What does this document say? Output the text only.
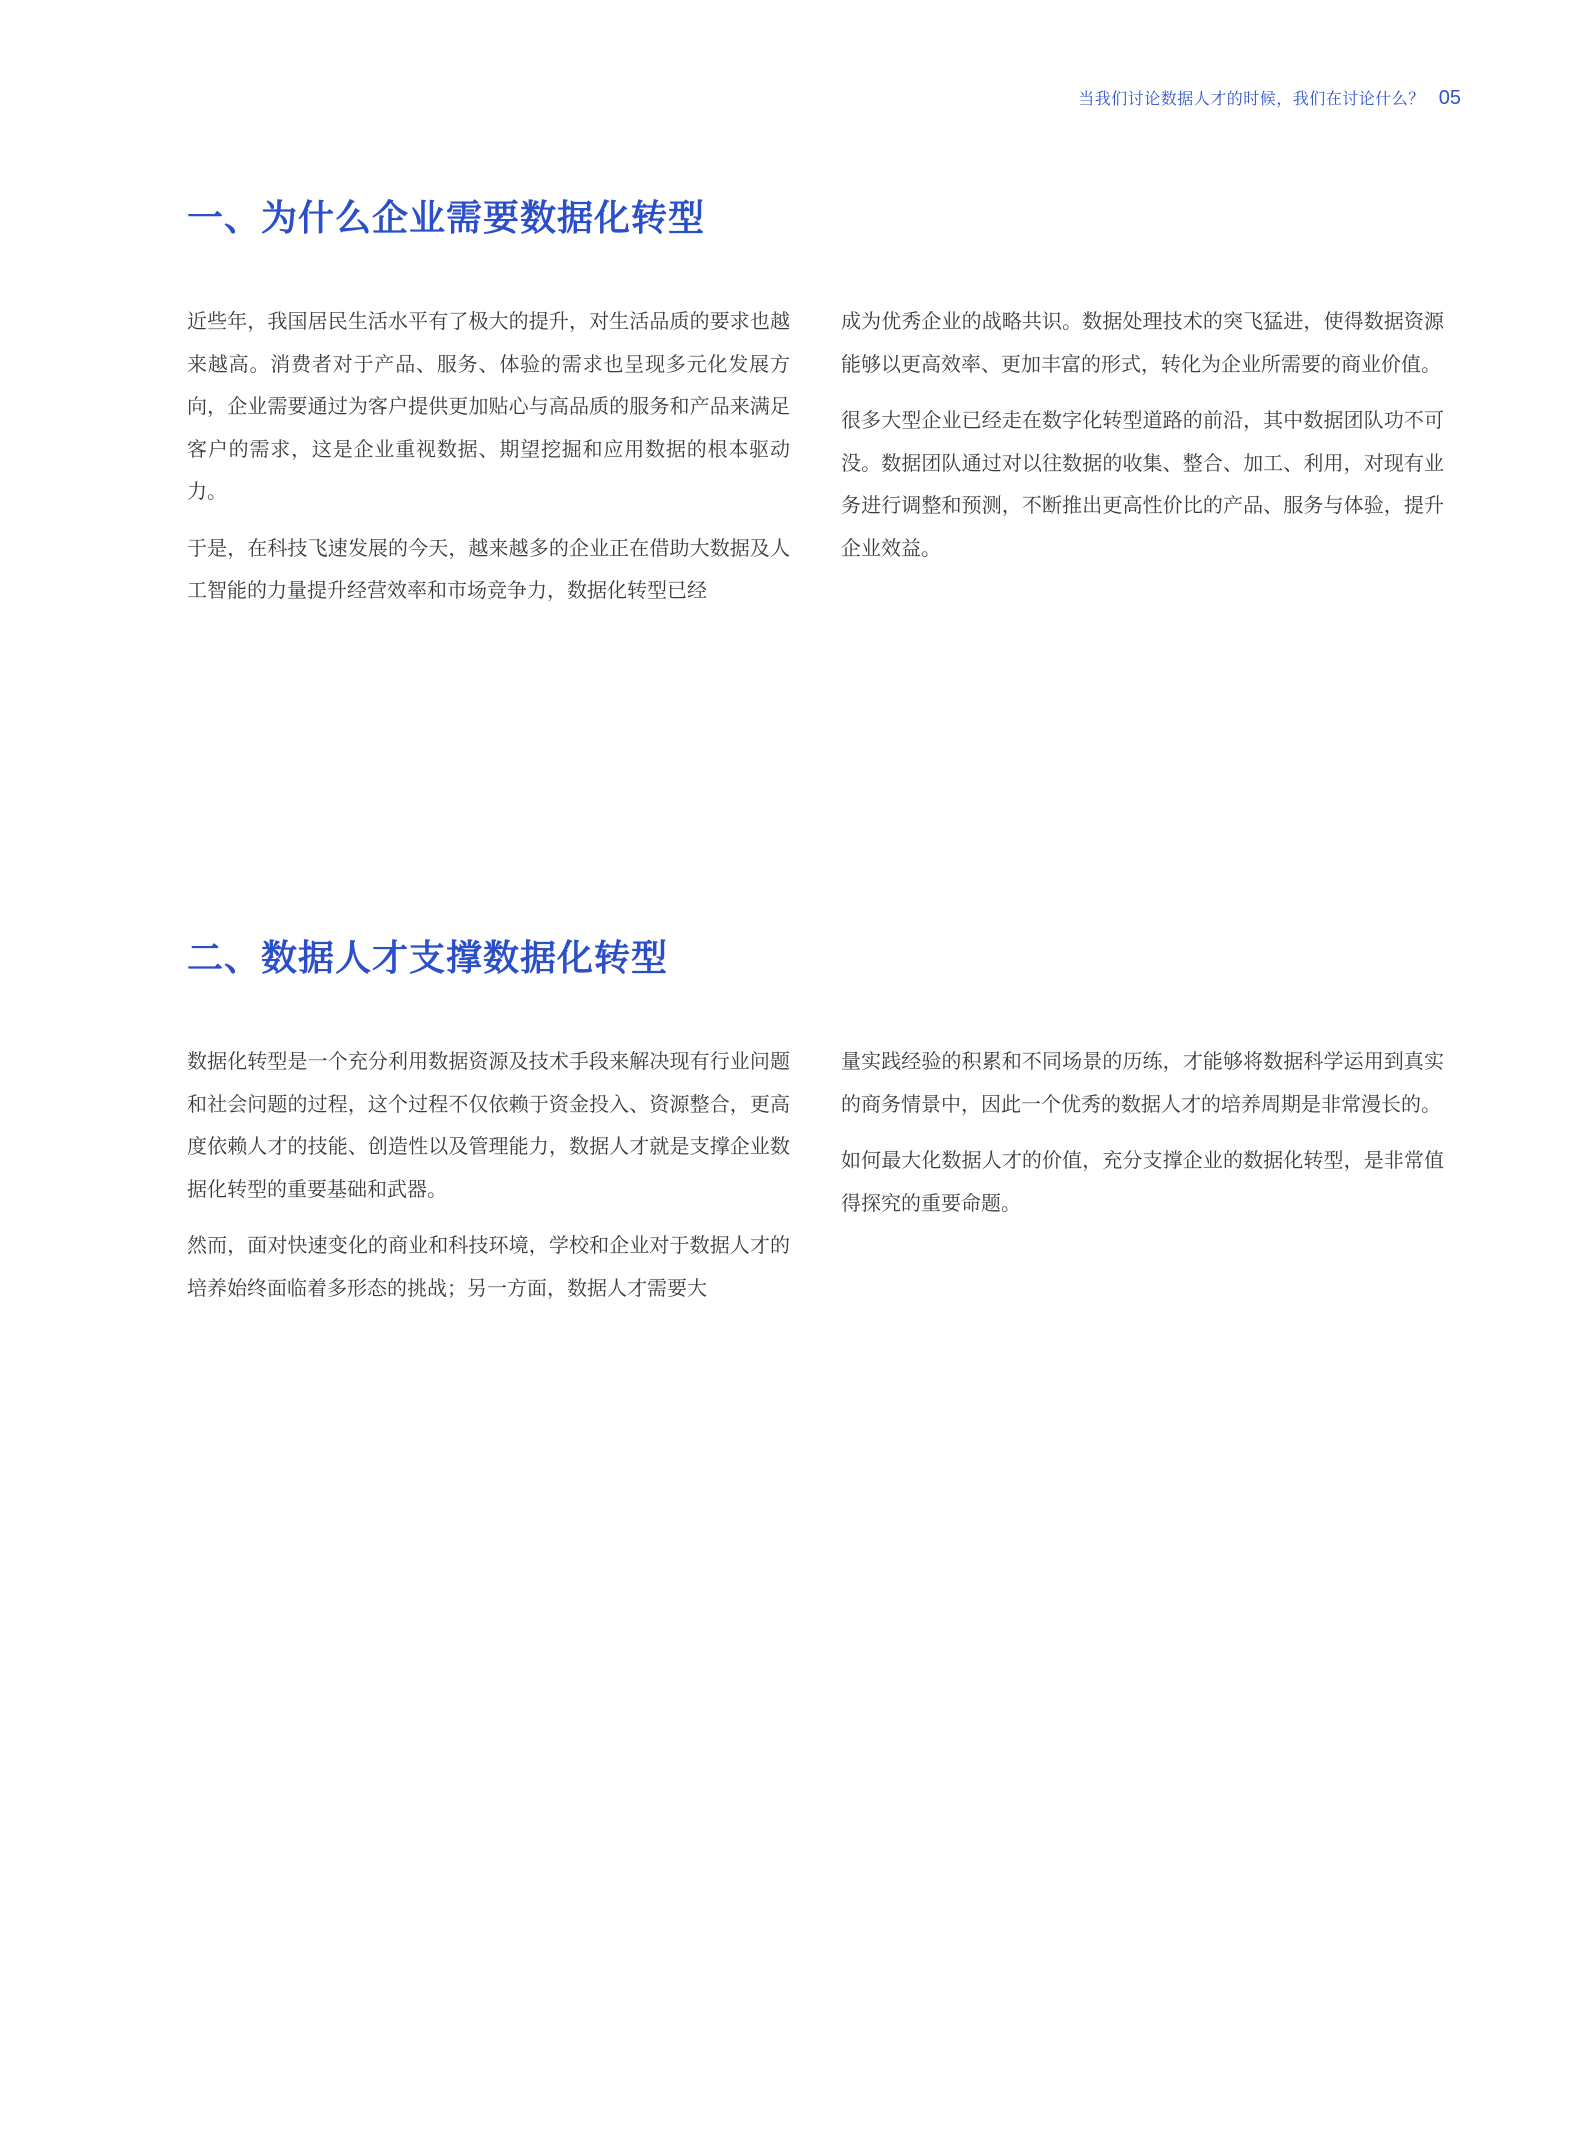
当我们讨论数据人才的时候，我们在讨论什么？ 05
一、为什么企业需要数据化转型

近些年，我国居民生活水平有了极大的提升，对生活品质的要求也越来越高。消费者对于产品、服务、体验的需求也呈现多元化发展方向，企业需要通过为客户提供更加贴心与高品质的服务和产品来满足客户的需求，这是企业重视数据、期望挖掘和应用数据的根本驱动力。

于是，在科技飞速发展的今天，越来越多的企业正在借助大数据及人工智能的力量提升经营效率和市场竞争力，数据化转型已经

成为优秀企业的战略共识。数据处理技术的突飞猛进，使得数据资源能够以更高效率、更加丰富的形式，转化为企业所需要的商业价值。

很多大型企业已经走在数字化转型道路的前沿，其中数据团队功不可没。数据团队通过对以往数据的收集、整合、加工、利用，对现有业务进行调整和预测，不断推出更高性价比的产品、服务与体验，提升企业效益。

二、数据人才支撑数据化转型

数据化转型是一个充分利用数据资源及技术手段来解决现有行业问题和社会问题的过程，这个过程不仅依赖于资金投入、资源整合，更高度依赖人才的技能、创造性以及管理能力，数据人才就是支撑企业数据化转型的重要基础和武器。

然而，面对快速变化的商业和科技环境，学校和企业对于数据人才的培养始终面临着多形态的挑战；另一方面，数据人才需要大

量实践经验的积累和不同场景的历练，才能够将数据科学运用到真实的商务情景中，因此一个优秀的数据人才的培养周期是非常漫长的。

如何最大化数据人才的价值，充分支撑企业的数据化转型，是非常值得探究的重要命题。
